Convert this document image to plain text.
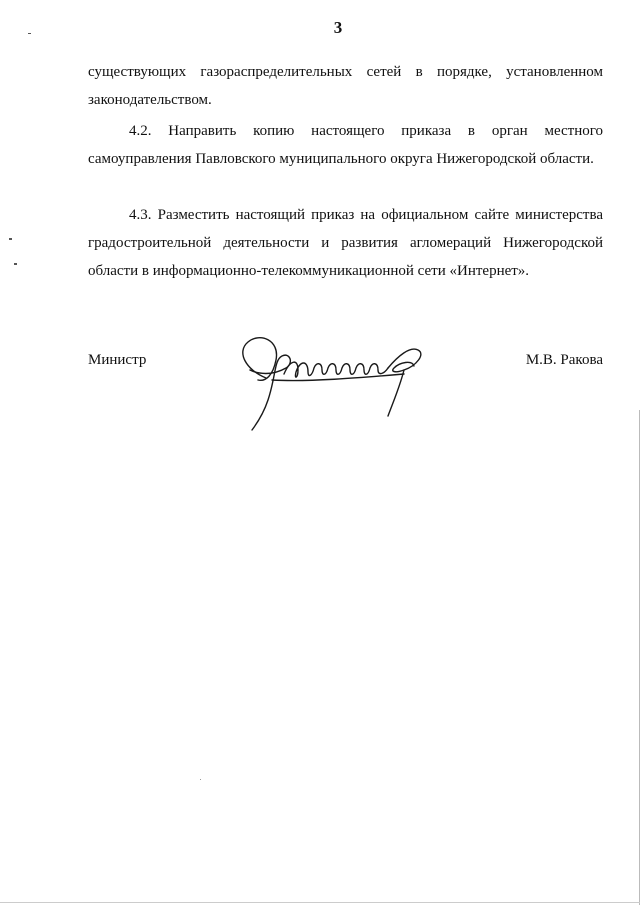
3

существующих газораспределительных сетей в порядке, установленном законодательством.

4.2. Направить копию настоящего приказа в орган местного самоуправления Павловского муниципального округа Нижегородской области.

4.3. Разместить настоящий приказ на официальном сайте министерства градостроительной деятельности и развития агломераций Нижегородской области в информационно-телекоммуникационной сети «Интернет».

Министр	М.В. Ракова
